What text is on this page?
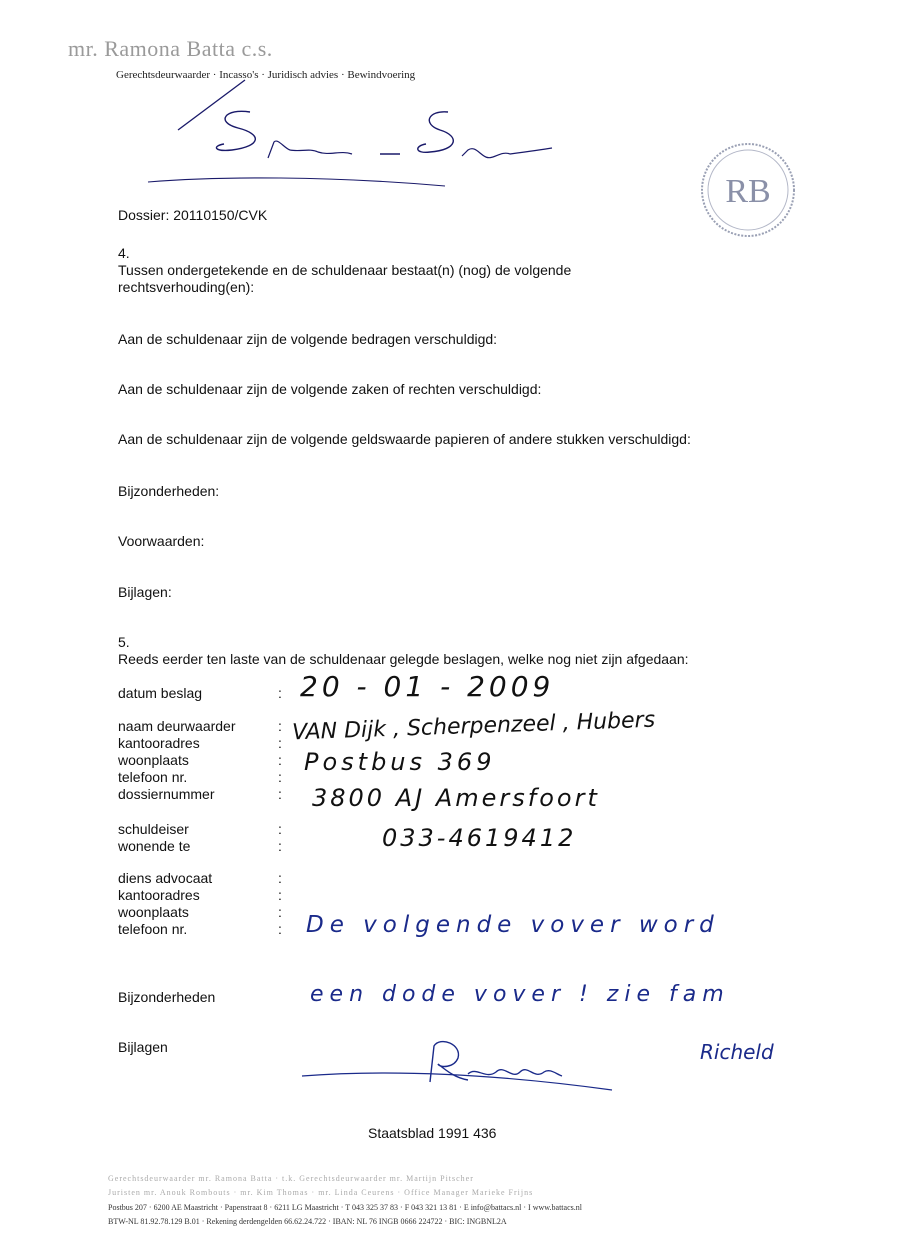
mr. Ramona Batta c.s.
Gerechtsdeurwaarder · Incasso's · Juridisch advies · Bewindvoering
Spencer - Sig
RB
Dossier: 20110150/CVK
4.
Tussen ondergetekende en de schuldenaar bestaat(n) (nog) de volgende
rechtsverhouding(en):
Aan de schuldenaar zijn de volgende bedragen verschuldigd:
Aan de schuldenaar zijn de volgende zaken of rechten verschuldigd:
Aan de schuldenaar zijn de volgende geldswaarde papieren of andere stukken verschuldigd:
Bijzonderheden:
Voorwaarden:
Bijlagen:
5.
Reeds eerder ten laste van de schuldenaar gelegde beslagen, welke nog niet zijn afgedaan:
datum beslag
naam deurwaarder
kantooradres
woonplaats
telefoon nr.
dossiernummer
schuldeiser
wonende te
diens advocaat
kantooradres
woonplaats
telefoon nr.
Bijzonderheden
Bijlagen
:
:
:
:
:
:
:
:
:
:
:
:
20 - 01 - 2009
VAN Dijk , Scherpenzeel , Hubers
Postbus 369
3800 AJ Amersfoort
033-4619412
De volgende vover word
een dode vover ! zie fam
Richeld
Richeld
Staatsblad 1991 436
Gerechtsdeurwaarder mr. Ramona Batta · t.k. Gerechtsdeurwaarder mr. Martijn Pitscher
Juristen mr. Anouk Rombouts · mr. Kim Thomas · mr. Linda Ceurens · Office Manager Marieke Frijns
Postbus 207 · 6200 AE Maastricht · Papenstraat 8 · 6211 LG Maastricht · T 043 325 37 83 · F 043 321 13 81 · E info@battacs.nl · I www.battacs.nl
BTW-NL 81.92.78.129 B.01 · Rekening derdengelden 66.62.24.722 · IBAN: NL 76 INGB 0666 224722 · BIC: INGBNL2A
